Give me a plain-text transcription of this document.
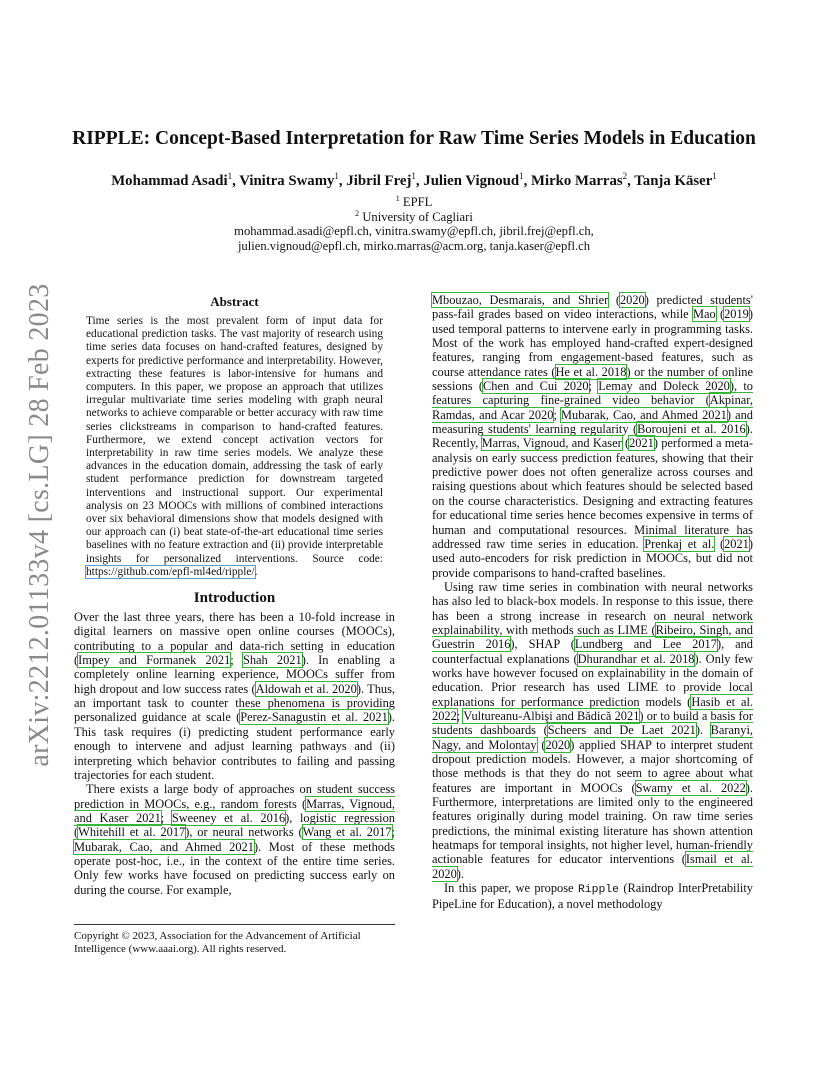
arXiv:2212.01133v4 [cs.LG] 28 Feb 2023
RIPPLE: Concept-Based Interpretation for Raw Time Series Models in Education

Mohammad Asadi$^1$, Vinitra Swamy$^1$, Jibril Frej$^1$, Julien Vignoud$^1$, Mirko Marras$^2$, Tanja Käser$^1$

$^1$ EPFL

$^2$ University of Cagliari

mohammad.asadi@epfl.ch, vinitra.swamy@epfl.ch, jibril.frej@epfl.ch,

julien.vignoud@epfl.ch, mirko.marras@acm.org, tanja.kaser@epfl.ch

Abstract

Time series is the most prevalent form of input data for educational prediction tasks. The vast majority of research using time series data focuses on hand-crafted features, designed by experts for predictive performance and interpretability. However, extracting these features is labor-intensive for humans and computers. In this paper, we propose an approach that utilizes irregular multivariate time series modeling with graph neural networks to achieve comparable or better accuracy with raw time series clickstreams in comparison to hand-crafted features. Furthermore, we extend concept activation vectors for interpretability in raw time series models. We analyze these advances in the education domain, addressing the task of early student performance prediction for downstream targeted interventions and instructional support. Our experimental analysis on 23 MOOCs with millions of combined interactions over six behavioral dimensions show that models designed with our approach can (i) beat state-of-the-art educational time series baselines with no feature extraction and (ii) provide interpretable insights for personalized interventions. Source code: https://github.com/epfl-ml4ed/ripple/.

Introduction

Over the last three years, there has been a 10-fold increase in digital learners on massive open online courses (MOOCs), contributing to a popular and data-rich setting in education (Impey and Formanek 2021; Shah 2021). In enabling a completely online learning experience, MOOCs suffer from high dropout and low success rates (Aldowah et al. 2020). Thus, an important task to counter these phenomena is providing personalized guidance at scale (Perez-Sanagustin et al. 2021). This task requires (i) predicting student performance early enough to intervene and adjust learning pathways and (ii) interpreting which behavior contributes to failing and passing trajectories for each student.

There exists a large body of approaches on student success prediction in MOOCs, e.g., random forests (Marras, Vignoud, and Kaser 2021; Sweeney et al. 2016), logistic regression (Whitehill et al. 2017), or neural networks (Wang et al. 2017; Mubarak, Cao, and Ahmed 2021). Most of these methods operate post-hoc, i.e., in the context of the entire time series. Only few works have focused on predicting success early on during the course. For example,

Copyright © 2023, Association for the Advancement of Artificial Intelligence (www.aaai.org). All rights reserved.

Mbouzao, Desmarais, and Shrier (2020) predicted students' pass-fail grades based on video interactions, while Mao (2019) used temporal patterns to intervene early in programming tasks. Most of the work has employed hand-crafted expert-designed features, ranging from engagement-based features, such as course attendance rates (He et al. 2018) or the number of online sessions (Chen and Cui 2020; Lemay and Doleck 2020), to features capturing fine-grained video behavior (Akpinar, Ramdas, and Acar 2020; Mubarak, Cao, and Ahmed 2021) and measuring students' learning regularity (Boroujeni et al. 2016). Recently, Marras, Vignoud, and Kaser (2021) performed a meta-analysis on early success prediction features, showing that their predictive power does not often generalize across courses and raising questions about which features should be selected based on the course characteristics. Designing and extracting features for educational time series hence becomes expensive in terms of human and computational resources. Minimal literature has addressed raw time series in education. Prenkaj et al. (2021) used auto-encoders for risk prediction in MOOCs, but did not provide comparisons to hand-crafted baselines.

Using raw time series in combination with neural networks has also led to black-box models. In response to this issue, there has been a strong increase in research on neural network explainability, with methods such as LIME (Ribeiro, Singh, and Guestrin 2016), SHAP (Lundberg and Lee 2017), and counterfactual explanations (Dhurandhar et al. 2018). Only few works have however focused on explainability in the domain of education. Prior research has used LIME to provide local explanations for performance prediction models (Hasib et al. 2022; Vultureanu-Albişi and Bădică 2021) or to build a basis for students dashboards (Scheers and De Laet 2021). Baranyi, Nagy, and Molontay (2020) applied SHAP to interpret student dropout prediction models. However, a major shortcoming of those methods is that they do not seem to agree about what features are important in MOOCs (Swamy et al. 2022). Furthermore, interpretations are limited only to the engineered features originally during model training. On raw time series predictions, the minimal existing literature has shown attention heatmaps for temporal insights, not higher level, human-friendly actionable features for educator interventions (Ismail et al. 2020).

In this paper, we propose Ripple (Raindrop InterPretability PipeLine for Education), a novel methodology
